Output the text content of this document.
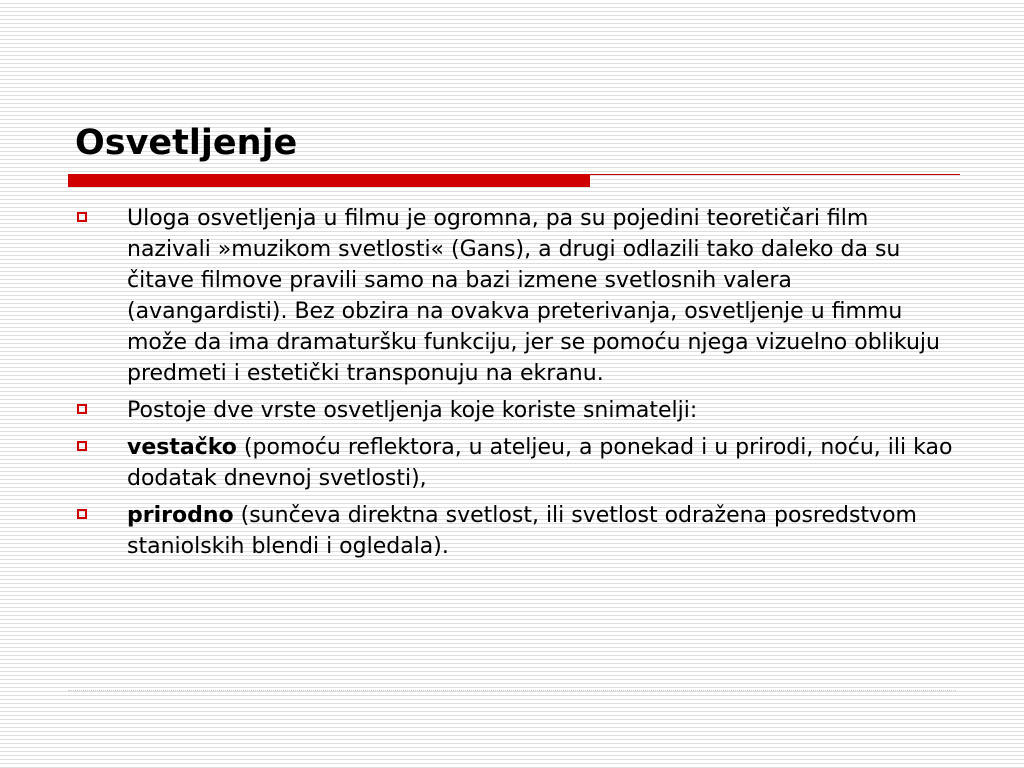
Osvetljenje
Uloga osvetljenja u filmu je ogromna, pa su pojedini teoretičari film nazivali »muzikom svetlosti« (Gans), a drugi odlazili tako daleko da su čitave filmove pravili samo na bazi izmene svetlosnih valera (avangardisti). Bez obzira na ovakva preterivanja, osvetljenje u fimmu može da ima dramaturšku funkciju, jer se pomoću njega vizuelno oblikuju predmeti i estetički transponuju na ekranu.
Postoje dve vrste osvetljenja koje koriste snimatelji:
vestačko (pomoću reflektora, u ateljeu, a ponekad i u prirodi, noću, ili kao dodatak dnevnoj svetlosti),
prirodno (sunčeva direktna svetlost, ili svetlost odražena posredstvom staniolskih blendi i ogledala).
